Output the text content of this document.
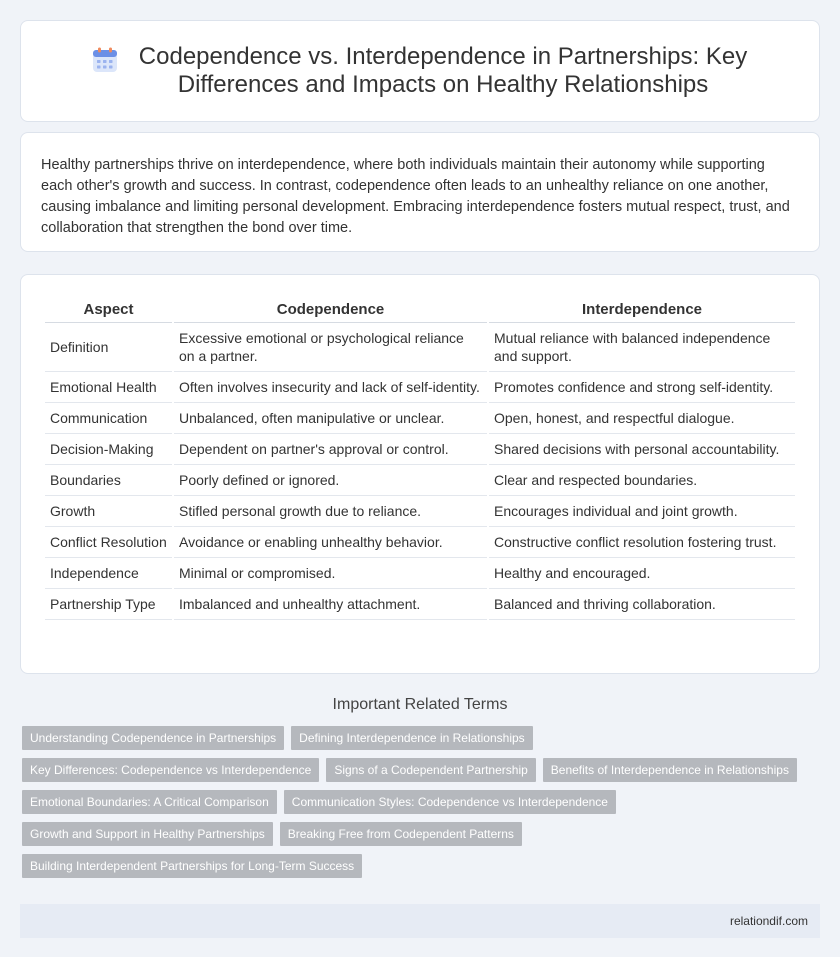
Codependence vs. Interdependence in Partnerships: Key Differences and Impacts on Healthy Relationships

Healthy partnerships thrive on interdependence, where both individuals maintain their autonomy while supporting each other's growth and success. In contrast, codependence often leads to an unhealthy reliance on one another, causing imbalance and limiting personal development. Embracing interdependence fosters mutual respect, trust, and collaboration that strengthen the bond over time.

Aspect	Codependence	Interdependence
Definition	Excessive emotional or psychological reliance on a partner.	Mutual reliance with balanced independence and support.
Emotional Health	Often involves insecurity and lack of self-identity.	Promotes confidence and strong self-identity.
Communication	Unbalanced, often manipulative or unclear.	Open, honest, and respectful dialogue.
Decision-Making	Dependent on partner's approval or control.	Shared decisions with personal accountability.
Boundaries	Poorly defined or ignored.	Clear and respected boundaries.
Growth	Stifled personal growth due to reliance.	Encourages individual and joint growth.
Conflict Resolution	Avoidance or enabling unhealthy behavior.	Constructive conflict resolution fostering trust.
Independence	Minimal or compromised.	Healthy and encouraged.
Partnership Type	Imbalanced and unhealthy attachment.	Balanced and thriving collaboration.
Important Related Terms
Understanding Codependence in Partnerships	Defining Interdependence in Relationships
Key Differences: Codependence vs Interdependence	Signs of a Codependent Partnership	Benefits of Interdependence in Relationships
Emotional Boundaries: A Critical Comparison	Communication Styles: Codependence vs Interdependence
Growth and Support in Healthy Partnerships	Breaking Free from Codependent Patterns
Building Interdependent Partnerships for Long-Term Success
relationdif.com
